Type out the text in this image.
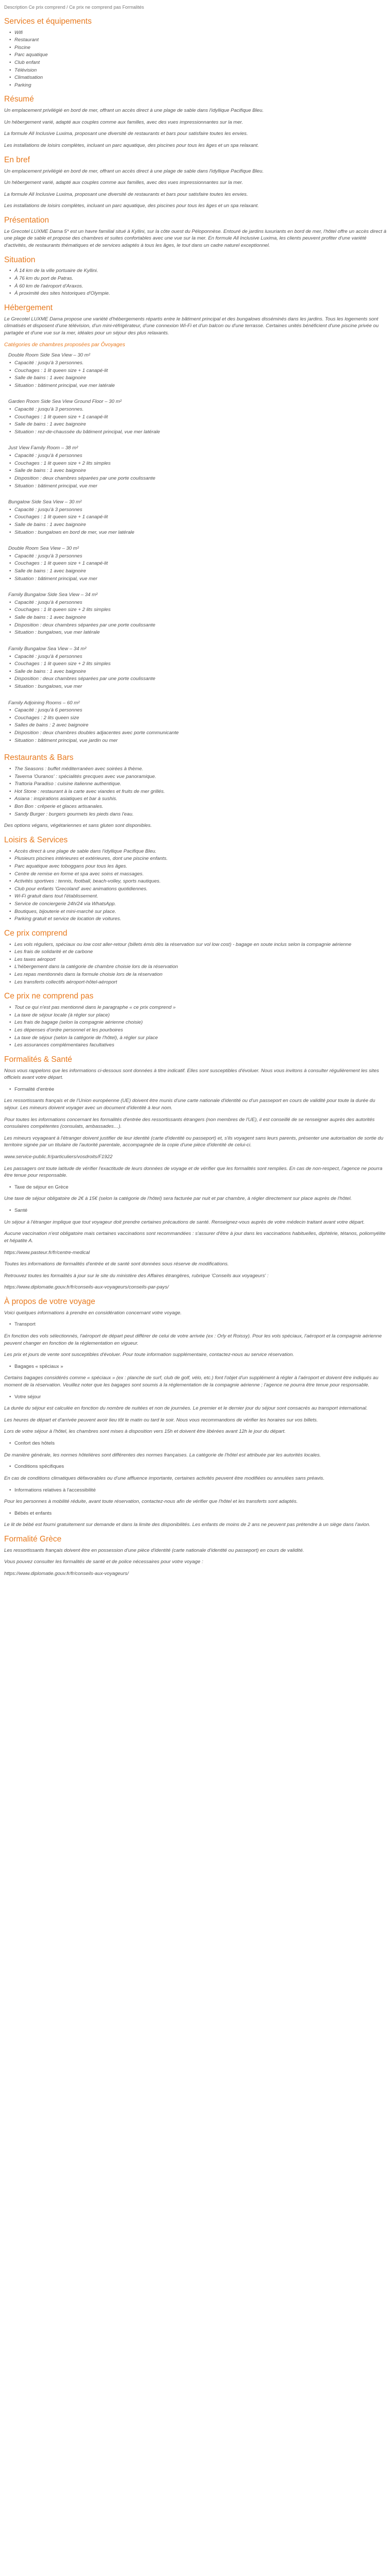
Description Ce prix comprend / Ce prix ne comprend pas Formalités
Services et équipements
• Wifi
• Restaurant
• Piscine
• Parc aquatique
• Club enfant
• Télévision
• Climatisation
• Parking
Résumé

Un emplacement privilégié en bord de mer, offrant un accès direct à une plage de sable dans l'idyllique Pacifique Bleu.

Un hébergement varié, adapté aux couples comme aux familles, avec des vues impressionnantes sur la mer.

La formule All Inclusive Luxima, proposant une diversité de restaurants et bars pour satisfaire toutes les envies.

Les installations de loisirs complètes, incluant un parc aquatique, des piscines pour tous les âges et un spa relaxant.

En bref

Un emplacement privilégié en bord de mer, offrant un accès direct à une plage de sable dans l'idyllique Pacifique Bleu.

Un hébergement varié, adapté aux couples comme aux familles, avec des vues impressionnantes sur la mer.

La formule All Inclusive Luxima, proposant une diversité de restaurants et bars pour satisfaire toutes les envies.

Les installations de loisirs complètes, incluant un parc aquatique, des piscines pour tous les âges et un spa relaxant.

Présentation

Le Grecotel LUXME Dama 5* est un havre familial situé à Kyllini, sur la côte ouest du Péloponnèse. Entouré de jardins luxuriants en bord de mer, l'hôtel offre un accès direct à une plage de sable et propose des chambres et suites confortables avec une vue sur la mer. En formule All Inclusive Luxima, les clients peuvent profiter d'une variété d'activités, de restaurants thématiques et de services adaptés à tous les âges, le tout dans un cadre naturel exceptionnel.

Situation
• À 14 km de la ville portuaire de Kyllini.
• À 76 km du port de Patras.
• À 60 km de l'aéroport d'Araxos.
• À proximité des sites historiques d'Olympie.
Hébergement

Le Grecotel LUXME Dama propose une variété d'hébergements répartis entre le bâtiment principal et des bungalows disséminés dans les jardins. Tous les logements sont climatisés et disposent d'une télévision, d'un mini-réfrigérateur, d'une connexion Wi-Fi et d'un balcon ou d'une terrasse. Certaines unités bénéficient d'une piscine privée ou partagée et d'une vue sur la mer, idéales pour un séjour des plus relaxants.

Catégories de chambres proposées par Ôvoyages
Double Room Side Sea View – 30 m²
• Capacité : jusqu'à 3 personnes.
• Couchages : 1 lit queen size + 1 canapé-lit
• Salle de bains : 1 avec baignoire
• Situation : bâtiment principal, vue mer latérale
Garden Room Side Sea View Ground Floor – 30 m²
• Capacité : jusqu'à 3 personnes.
• Couchages : 1 lit queen size + 1 canapé-lit
• Salle de bains : 1 avec baignoire
• Situation : rez-de-chaussée du bâtiment principal, vue mer latérale
Just View Family Room – 38 m²
• Capacité : jusqu'à 4 personnes
• Couchages : 1 lit queen size + 2 lits simples
• Salle de bains : 1 avec baignoire
• Disposition : deux chambres séparées par une porte coulissante
• Situation : bâtiment principal, vue mer
Bungalow Side Sea View – 30 m²
• Capacité : jusqu'à 3 personnes
• Couchages : 1 lit queen size + 1 canapé-lit
• Salle de bains : 1 avec baignoire
• Situation : bungalows en bord de mer, vue mer latérale
Double Room Sea View – 30 m²
• Capacité : jusqu'à 3 personnes
• Couchages : 1 lit queen size + 1 canapé-lit
• Salle de bains : 1 avec baignoire
• Situation : bâtiment principal, vue mer
Family Bungalow Side Sea View – 34 m²
• Capacité : jusqu'à 4 personnes
• Couchages : 1 lit queen size + 2 lits simples
• Salle de bains : 1 avec baignoire
• Disposition : deux chambres séparées par une porte coulissante
• Situation : bungalows, vue mer latérale
Family Bungalow Sea View – 34 m²
• Capacité : jusqu'à 4 personnes
• Couchages : 1 lit queen size + 2 lits simples
• Salle de bains : 1 avec baignoire
• Disposition : deux chambres séparées par une porte coulissante
• Situation : bungalows, vue mer
Family Adjoining Rooms – 60 m²
• Capacité : jusqu'à 6 personnes
• Couchages : 2 lits queen size
• Salles de bains : 2 avec baignoire
• Disposition : deux chambres doubles adjacentes avec porte communicante
• Situation : bâtiment principal, vue jardin ou mer
Restaurants & Bars
• The Seasons : buffet méditerranéen avec soirées à thème.
• Taverna 'Ouranos' : spécialités grecques avec vue panoramique.
• Trattoria Paradiso : cuisine italienne authentique.
• Hot Stone : restaurant à la carte avec viandes et fruits de mer grillés.
• Asiana : inspirations asiatiques et bar à sushis.
• Bon Bon : crêperie et glaces artisanales.
• Sandy Burger : burgers gourmets les pieds dans l'eau.

Des options végans, végétariennes et sans gluten sont disponibles.

Loisirs & Services
• Accès direct à une plage de sable dans l'idyllique Pacifique Bleu.
• Plusieurs piscines intérieures et extérieures, dont une piscine enfants.
• Parc aquatique avec toboggans pour tous les âges.
• Centre de remise en forme et spa avec soins et massages.
• Activités sportives : tennis, football, beach-volley, sports nautiques.
• Club pour enfants 'Grecoland' avec animations quotidiennes.
• Wi-Fi gratuit dans tout l'établissement.
• Service de conciergerie 24h/24 via WhatsApp.
• Boutiques, bijouterie et mini-marché sur place.
• Parking gratuit et service de location de voitures.
Ce prix comprend
• Les vols réguliers, spéciaux ou low cost aller-retour (billets émis dès la réservation sur vol low cost) - bagage en soute inclus selon la compagnie aérienne
• Les frais de solidarité et de carbone
• Les taxes aéroport
• L'hébergement dans la catégorie de chambre choisie lors de la réservation
• Les repas mentionnés dans la formule choisie lors de la réservation
• Les transferts collectifs aéroport-hôtel-aéroport
Ce prix ne comprend pas
• Tout ce qui n'est pas mentionné dans le paragraphe « ce prix comprend »
• La taxe de séjour locale (à régler sur place)
• Les frais de bagage (selon la compagnie aérienne choisie)
• Les dépenses d'ordre personnel et les pourboires
• La taxe de séjour (selon la catégorie de l'hôtel), à régler sur place
• Les assurances complémentaires facultatives
Formalités & Santé

Nous vous rappelons que les informations ci-dessous sont données à titre indicatif. Elles sont susceptibles d'évoluer. Nous vous invitons à consulter régulièrement les sites officiels avant votre départ.

• Formalité d'entrée

Les ressortissants français et de l'Union européenne (UE) doivent être munis d'une carte nationale d'identité ou d'un passeport en cours de validité pour toute la durée du séjour. Les mineurs doivent voyager avec un document d'identité à leur nom.

Pour toutes les informations concernant les formalités d'entrée des ressortissants étrangers (non membres de l'UE), il est conseillé de se renseigner auprès des autorités consulaires compétentes (consulats, ambassades…).

Les mineurs voyageant à l'étranger doivent justifier de leur identité (carte d'identité ou passeport) et, s'ils voyagent sans leurs parents, présenter une autorisation de sortie du territoire signée par un titulaire de l'autorité parentale, accompagnée de la copie d'une pièce d'identité de celui-ci.

www.service-public.fr/particuliers/vosdroits/F1922

Les passagers ont toute latitude de vérifier l'exactitude de leurs données de voyage et de vérifier que les formalités sont remplies. En cas de non-respect, l'agence ne pourra être tenue pour responsable.

• Taxe de séjour en Grèce

Une taxe de séjour obligatoire de 2€ à 15€ (selon la catégorie de l'hôtel) sera facturée par nuit et par chambre, à régler directement sur place auprès de l'hôtel.

• Santé

Un séjour à l'étranger implique que tout voyageur doit prendre certaines précautions de santé. Renseignez-vous auprès de votre médecin traitant avant votre départ.

Aucune vaccination n'est obligatoire mais certaines vaccinations sont recommandées : s'assurer d'être à jour dans les vaccinations habituelles, diphtérie, tétanos, poliomyélite et hépatite A.

https://www.pasteur.fr/fr/centre-medical

Toutes les informations de formalités d'entrée et de santé sont données sous réserve de modifications.

Retrouvez toutes les formalités à jour sur le site du ministère des Affaires étrangères, rubrique 'Conseils aux voyageurs' :

https://www.diplomatie.gouv.fr/fr/conseils-aux-voyageurs/conseils-par-pays/

À propos de votre voyage

Voici quelques informations à prendre en considération concernant votre voyage.

• Transport

En fonction des vols sélectionnés, l'aéroport de départ peut différer de celui de votre arrivée (ex : Orly et Roissy). Pour les vols spéciaux, l'aéroport et la compagnie aérienne peuvent changer en fonction de la réglementation en vigueur.

Les prix et jours de vente sont susceptibles d'évoluer. Pour toute information supplémentaire, contactez-nous au service réservation.

• Bagages « spéciaux »

Certains bagages considérés comme « spéciaux » (ex : planche de surf, club de golf, vélo, etc.) font l'objet d'un supplément à régler à l'aéroport et doivent être indiqués au moment de la réservation. Veuillez noter que les bagages sont soumis à la réglementation de la compagnie aérienne ; l'agence ne pourra être tenue pour responsable.

• Votre séjour

La durée du séjour est calculée en fonction du nombre de nuitées et non de journées. Le premier et le dernier jour du séjour sont consacrés au transport international.

Les heures de départ et d'arrivée peuvent avoir lieu tôt le matin ou tard le soir. Nous vous recommandons de vérifier les horaires sur vos billets.

Lors de votre séjour à l'hôtel, les chambres sont mises à disposition vers 15h et doivent être libérées avant 12h le jour du départ.

• Confort des hôtels

De manière générale, les normes hôtelières sont différentes des normes françaises. La catégorie de l'hôtel est attribuée par les autorités locales.

• Conditions spécifiques

En cas de conditions climatiques défavorables ou d'une affluence importante, certaines activités peuvent être modifiées ou annulées sans préavis.

• Informations relatives à l'accessibilité

Pour les personnes à mobilité réduite, avant toute réservation, contactez-nous afin de vérifier que l'hôtel et les transferts sont adaptés.

• Bébés et enfants

Le lit de bébé est fourni gratuitement sur demande et dans la limite des disponibilités. Les enfants de moins de 2 ans ne peuvent pas prétendre à un siège dans l'avion.

Formalité Grèce

Les ressortissants français doivent être en possession d'une pièce d'identité (carte nationale d'identité ou passeport) en cours de validité.

Vous pouvez consulter les formalités de santé et de police nécessaires pour votre voyage :

https://www.diplomatie.gouv.fr/fr/conseils-aux-voyageurs/
